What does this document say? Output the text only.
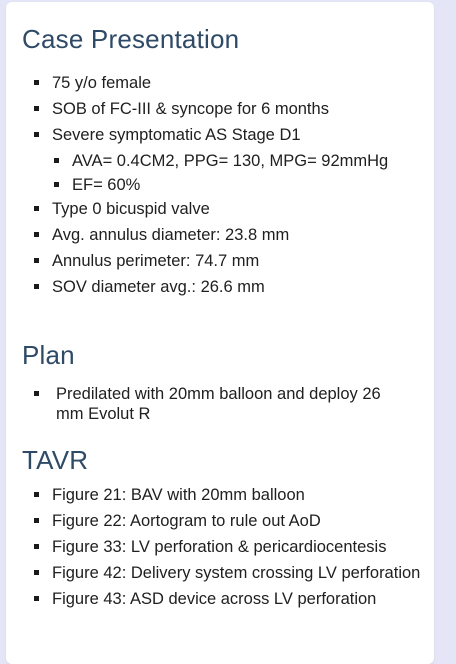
Case Presentation
75 y/o female
SOB of FC-III & syncope for 6 months
Severe symptomatic AS Stage D1
AVA= 0.4CM2, PPG= 130, MPG= 92mmHg
EF= 60%
Type 0 bicuspid valve
Avg. annulus diameter: 23.8 mm
Annulus perimeter: 74.7 mm
SOV diameter avg.: 26.6 mm
Plan
Predilated with 20mm balloon and deploy 26 mm Evolut R
TAVR
Figure 21: BAV with 20mm balloon
Figure 22: Aortogram to rule out AoD
Figure 33: LV perforation & pericardiocentesis
Figure 42: Delivery system crossing LV perforation
Figure 43: ASD device across LV perforation
